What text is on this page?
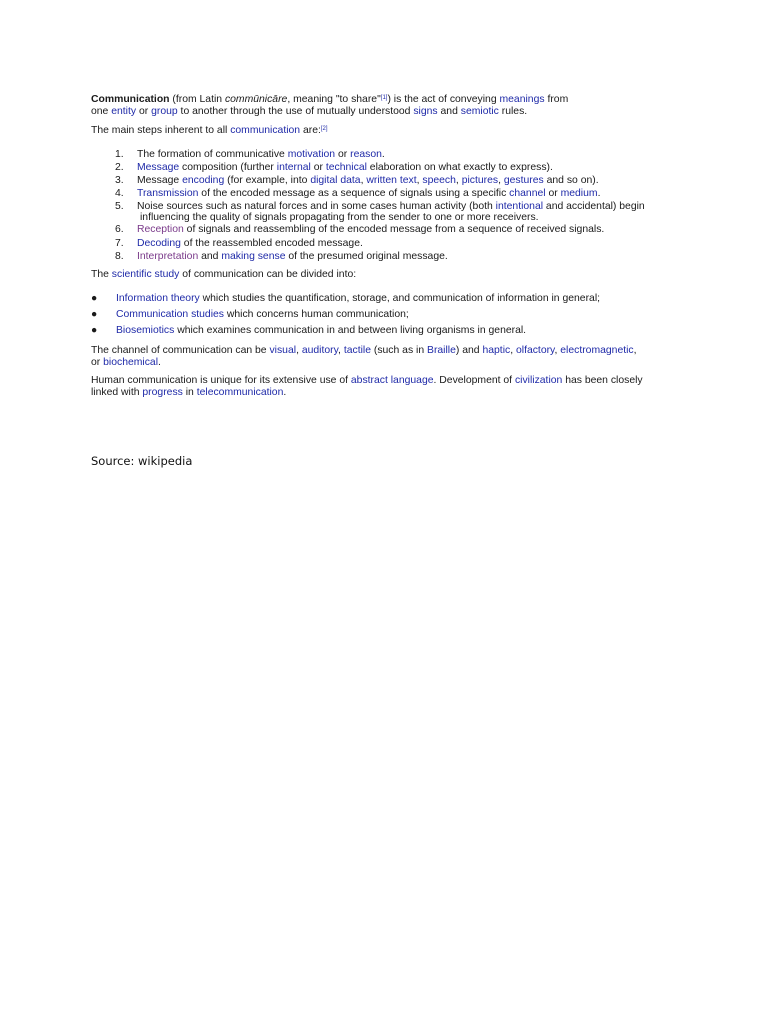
Communication (from Latin commūnicāre, meaning "to share"[1]) is the act of conveying meanings from
one entity or group to another through the use of mutually understood signs and semiotic rules.

The main steps inherent to all communication are:[2]

1. The formation of communicative motivation or reason.
2. Message composition (further internal or technical elaboration on what exactly to express).
3. Message encoding (for example, into digital data, written text, speech, pictures, gestures and so on).
4. Transmission of the encoded message as a sequence of signals using a specific channel or medium.
5. Noise sources such as natural forces and in some cases human activity (both intentional and accidental) begin
influencing the quality of signals propagating from the sender to one or more receivers.
6. Reception of signals and reassembling of the encoded message from a sequence of received signals.
7. Decoding of the reassembled encoded message.
8. Interpretation and making sense of the presumed original message.

The scientific study of communication can be divided into:

● Information theory which studies the quantification, storage, and communication of information in general;
● Communication studies which concerns human communication;
● Biosemiotics which examines communication in and between living organisms in general.

The channel of communication can be visual, auditory, tactile (such as in Braille) and haptic, olfactory, electromagnetic,
or biochemical.

Human communication is unique for its extensive use of abstract language. Development of civilization has been closely
linked with progress in telecommunication.

Source: wikipedia
